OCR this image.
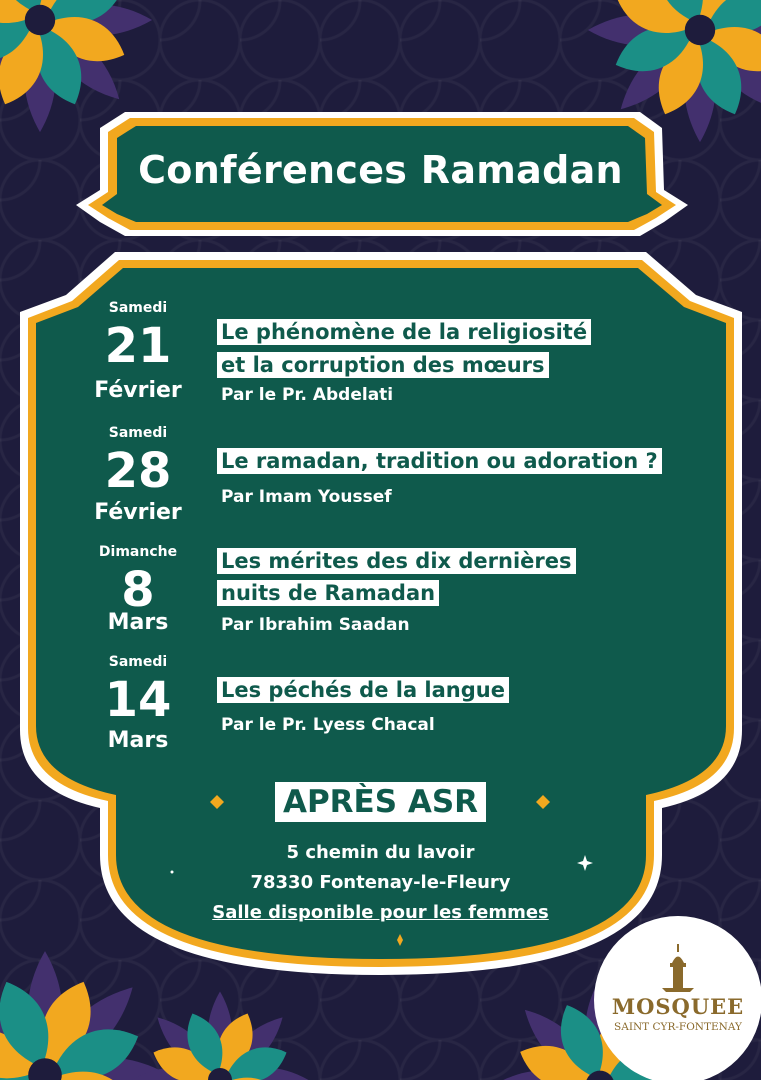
Conférences Ramadan
Samedi
21
Février
Le phénomène de la religiosité
et la corruption des mœurs
Par le Pr. Abdelati
Samedi
28
Février
Le ramadan, tradition ou adoration ?
Par Imam Youssef
Dimanche
8
Mars
Les mérites des dix dernières
nuits de Ramadan
Par Ibrahim Saadan
Samedi
14
Mars
Les péchés de la langue
Par le Pr. Lyess Chacal
APRÈS ASR
5 chemin du lavoir
78330 Fontenay-le-Fleury
Salle disponible pour les femmes
MOSQUEE
SAINT CYR-FONTENAY
